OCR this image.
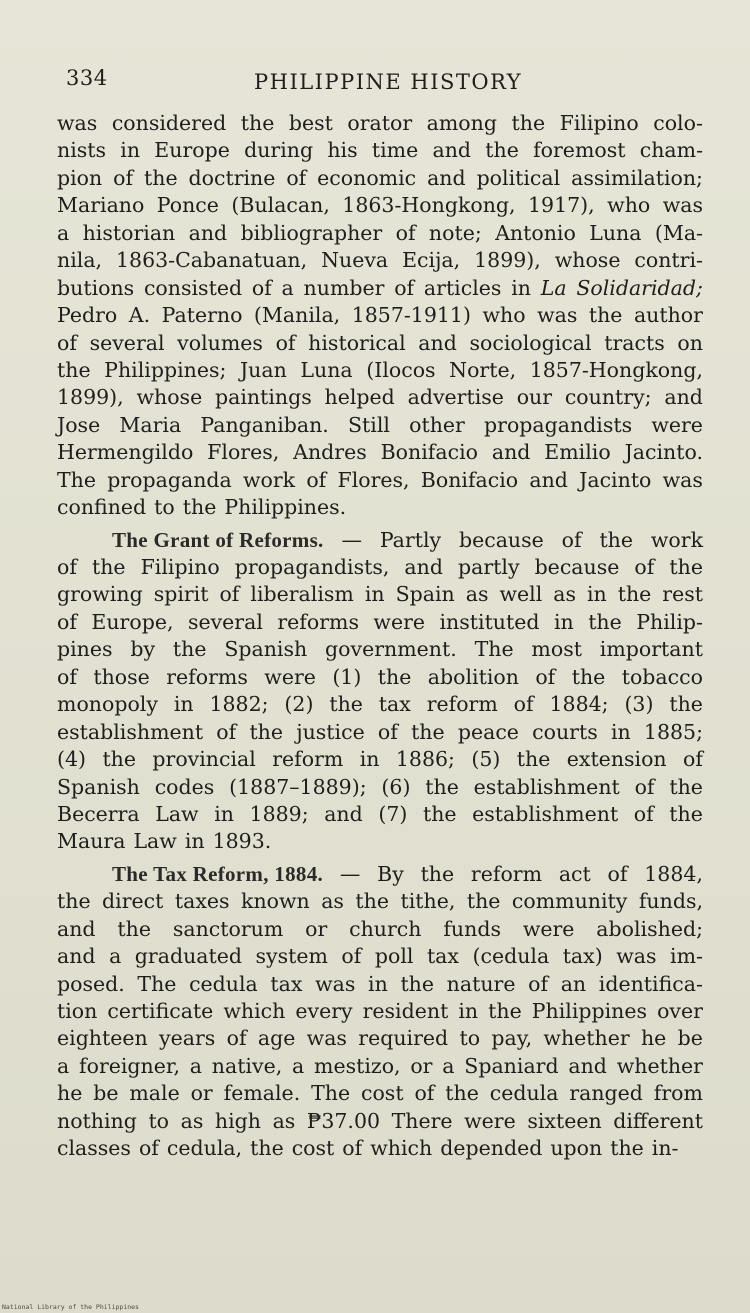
334	PHILIPPINE HISTORY
was considered the best orator among the Filipino colo-
nists in Europe during his time and the foremost cham-
pion of the doctrine of economic and political assimilation;
Mariano Ponce (Bulacan, 1863-Hongkong, 1917), who was
a historian and bibliographer of note; Antonio Luna (Ma-
nila, 1863-Cabanatuan, Nueva Ecija, 1899), whose contri-
butions consisted of a number of articles in La Solidaridad;
Pedro A. Paterno (Manila, 1857-1911) who was the author
of several volumes of historical and sociological tracts on
the Philippines; Juan Luna (Ilocos Norte, 1857-Hongkong,
1899), whose paintings helped advertise our country; and
Jose Maria Panganiban. Still other propagandists were
Hermengildo Flores, Andres Bonifacio and Emilio Jacinto.
The propaganda work of Flores, Bonifacio and Jacinto was
confined to the Philippines.
The Grant of Reforms. — Partly because of the work
of the Filipino propagandists, and partly because of the
growing spirit of liberalism in Spain as well as in the rest
of Europe, several reforms were instituted in the Philip-
pines by the Spanish government. The most important
of those reforms were (1) the abolition of the tobacco
monopoly in 1882; (2) the tax reform of 1884; (3) the
establishment of the justice of the peace courts in 1885;
(4) the provincial reform in 1886; (5) the extension of
Spanish codes (1887–1889); (6) the establishment of the
Becerra Law in 1889; and (7) the establishment of the
Maura Law in 1893.
The Tax Reform, 1884. — By the reform act of 1884,
the direct taxes known as the tithe, the community funds,
and the sanctorum or church funds were abolished;
and a graduated system of poll tax (cedula tax) was im-
posed. The cedula tax was in the nature of an identifica-
tion certificate which every resident in the Philippines over
eighteen years of age was required to pay, whether he be
a foreigner, a native, a mestizo, or a Spaniard and whether
he be male or female. The cost of the cedula ranged from
nothing to as high as ₱37.00 There were sixteen different
classes of cedula, the cost of which depended upon the in-
National Library of the Philippines
